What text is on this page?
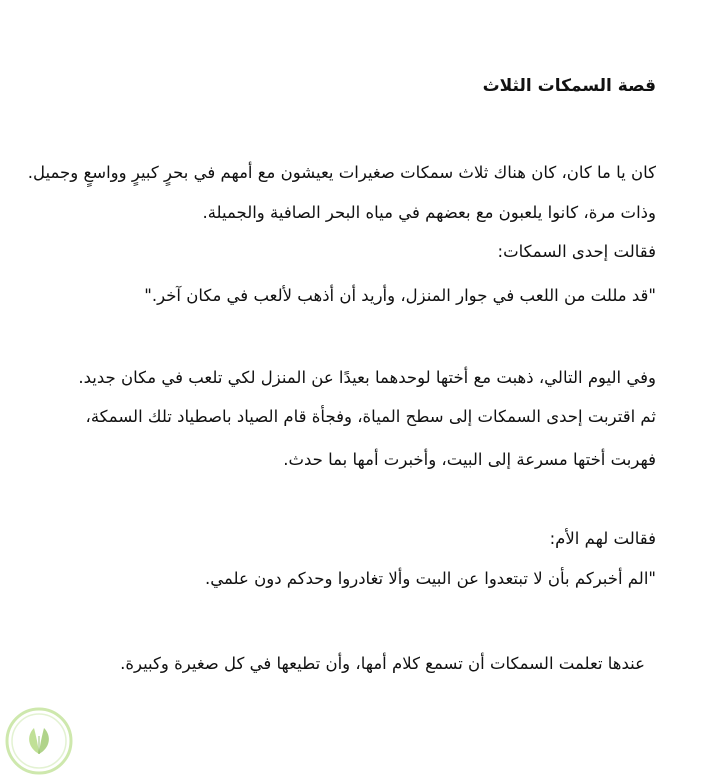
قصة السمكات الثلاث
كان يا ما كان، كان هناك ثلاث سمكات صغيرات يعيشون مع أمهم في بحرٍ كبيرٍ وواسعٍ وجميل.
وذات مرة، كانوا يلعبون مع بعضهم في مياه البحر الصافية والجميلة.
فقالت إحدى السمكات:
"قد مللت من اللعب في جوار المنزل، وأريد أن أذهب لألعب في مكان آخر."
وفي اليوم التالي، ذهبت مع أختها لوحدهما بعيدًا عن المنزل لكي تلعب في مكان جديد.
ثم اقتربت إحدى السمكات إلى سطح المياة، وفجأة قام الصياد باصطياد تلك السمكة،
فهربت أختها مسرعة إلى البيت، وأخبرت أمها بما حدث.
فقالت لهم الأم:
"الم أخبركم بأن لا تبتعدوا عن البيت وألا تغادروا وحدكم دون علمي.
عندها تعلمت السمكات أن تسمع كلام أمها، وأن تطيعها في كل صغيرة وكبيرة.
